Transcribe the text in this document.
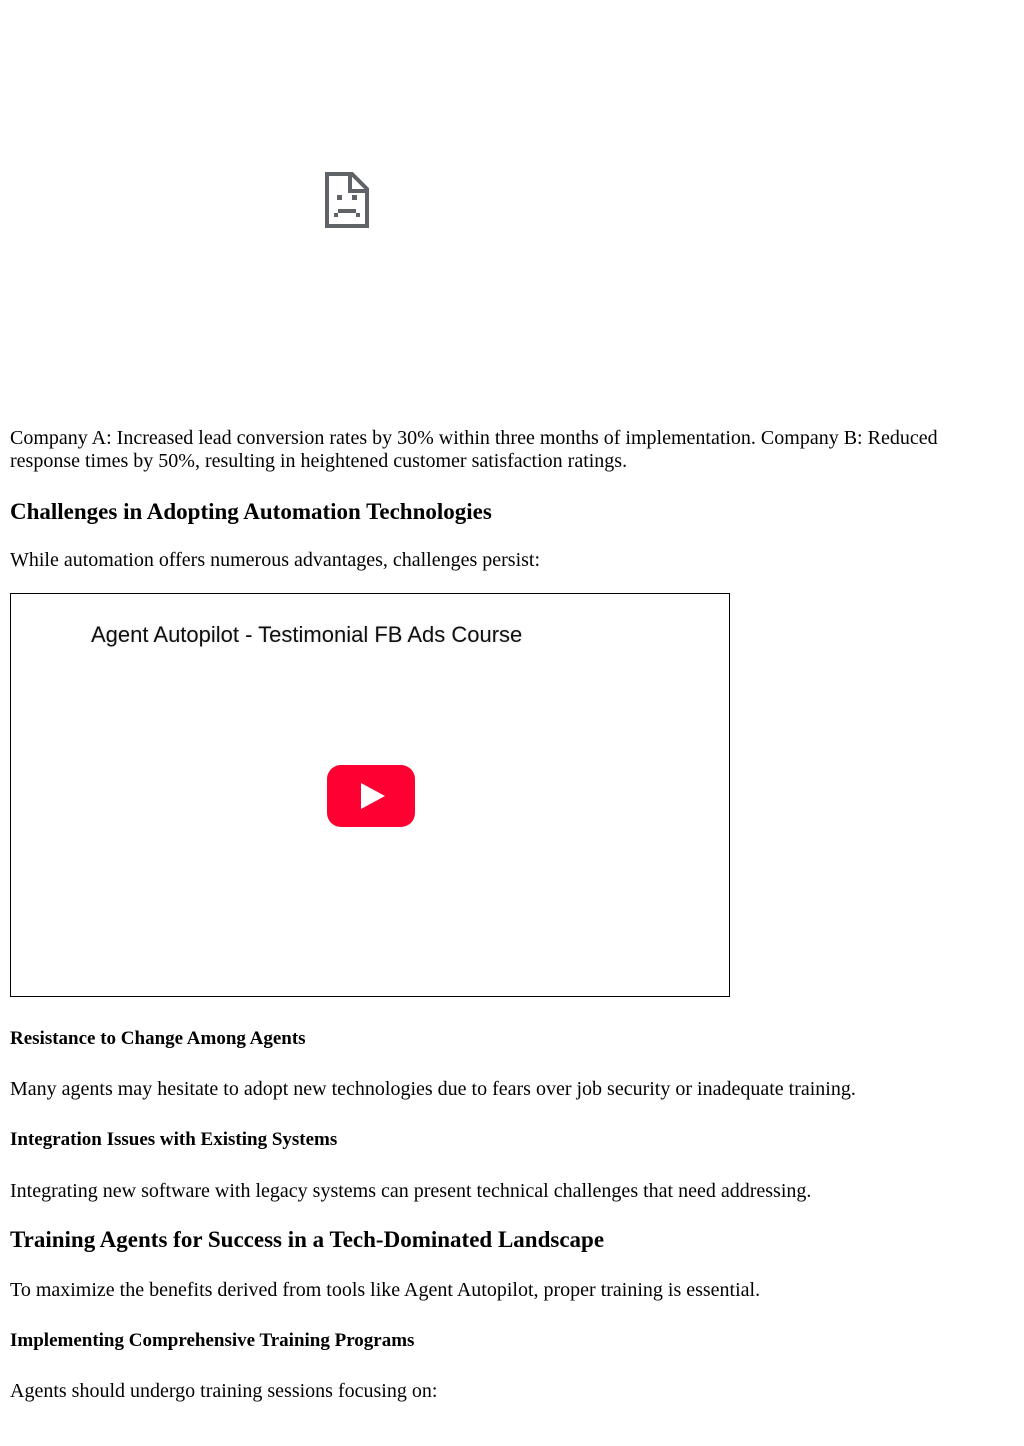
Company A: Increased lead conversion rates by 30% within three months of implementation. Company B: Reduced response times by 50%, resulting in heightened customer satisfaction ratings.

Challenges in Adopting Automation Technologies

While automation offers numerous advantages, challenges persist:

Agent Autopilot - Testimonial FB Ads Course
Resistance to Change Among Agents

Many agents may hesitate to adopt new technologies due to fears over job security or inadequate training.

Integration Issues with Existing Systems

Integrating new software with legacy systems can present technical challenges that need addressing.

Training Agents for Success in a Tech-Dominated Landscape

To maximize the benefits derived from tools like Agent Autopilot, proper training is essential.

Implementing Comprehensive Training Programs

Agents should undergo training sessions focusing on:
